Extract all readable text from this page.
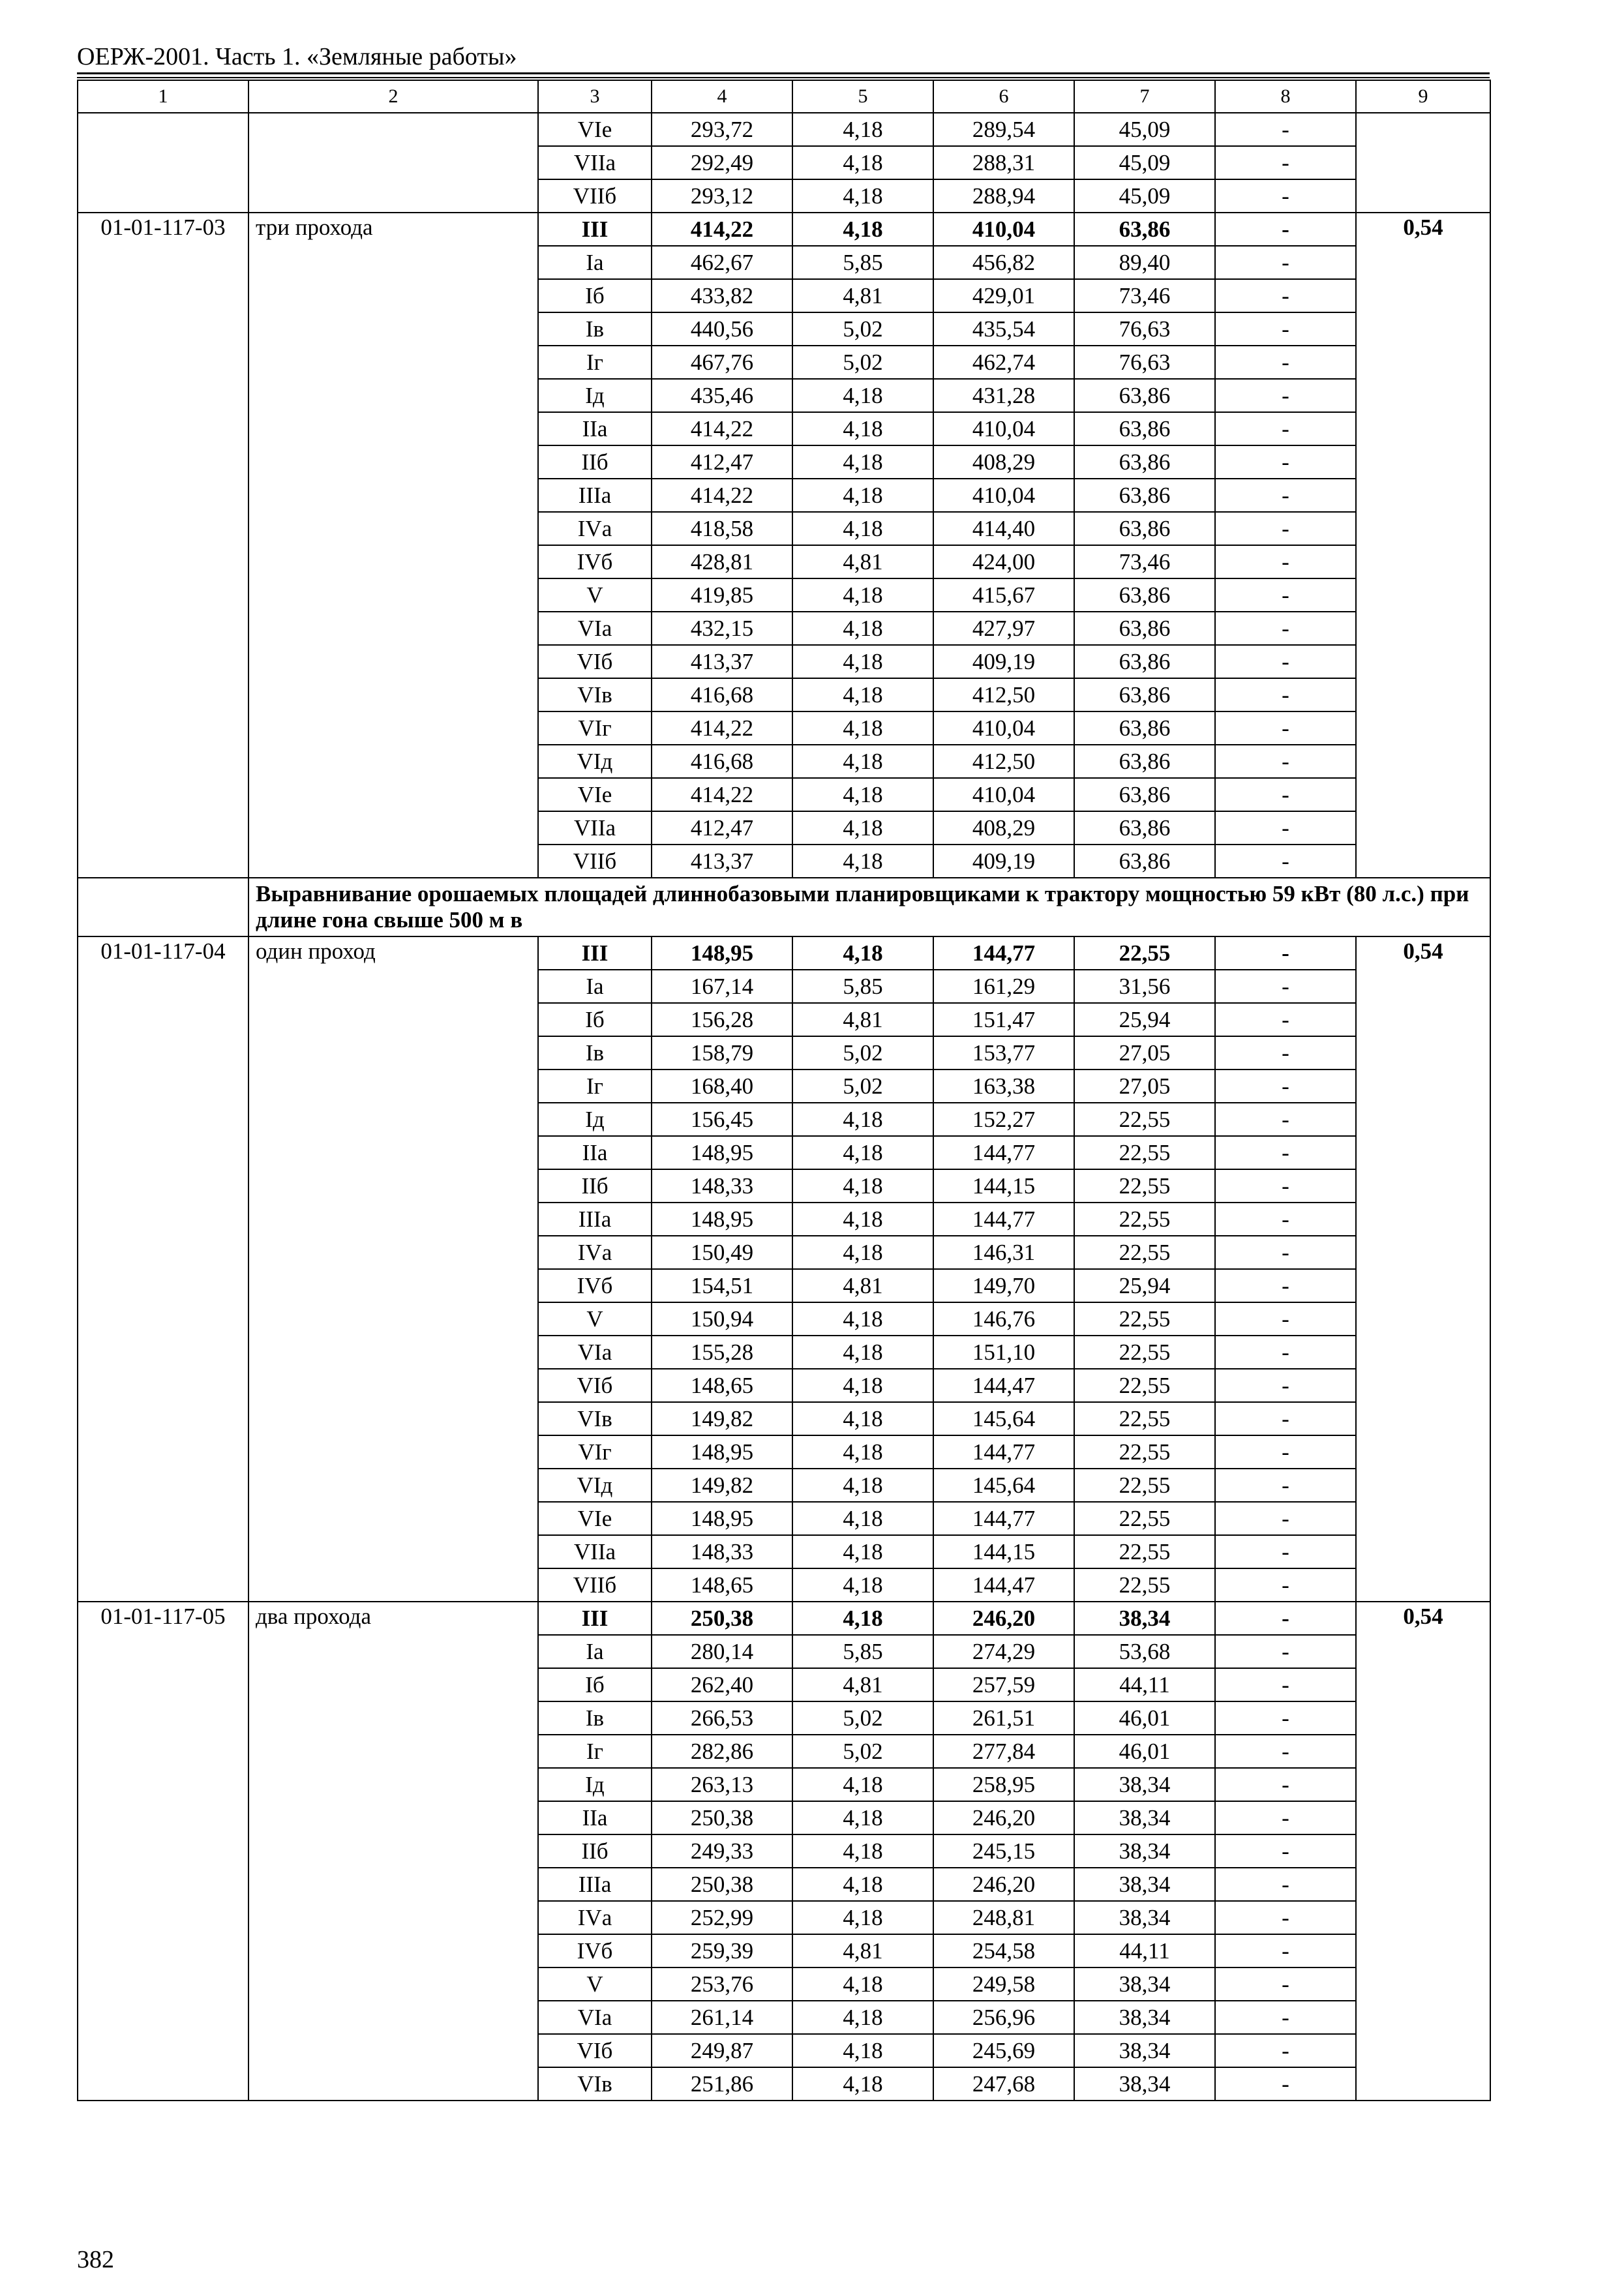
ОЕРЖ-2001. Часть 1. «Земляные работы»
1	2	3	4	5	6	7	8	9
		VIе	293,72	4,18	289,54	45,09	-	
		VIIа	292,49	4,18	288,31	45,09	-	
		VIIб	293,12	4,18	288,94	45,09	-	
01-01-117-03	три прохода	III	414,22	4,18	410,04	63,86	-	0,54
		Iа	462,67	5,85	456,82	89,40	-	
		Iб	433,82	4,81	429,01	73,46	-	
		Iв	440,56	5,02	435,54	76,63	-	
		Iг	467,76	5,02	462,74	76,63	-	
		Iд	435,46	4,18	431,28	63,86	-	
		IIа	414,22	4,18	410,04	63,86	-	
		IIб	412,47	4,18	408,29	63,86	-	
		IIIа	414,22	4,18	410,04	63,86	-	
		IVа	418,58	4,18	414,40	63,86	-	
		IVб	428,81	4,81	424,00	73,46	-	
		V	419,85	4,18	415,67	63,86	-	
		VIа	432,15	4,18	427,97	63,86	-	
		VIб	413,37	4,18	409,19	63,86	-	
		VIв	416,68	4,18	412,50	63,86	-	
		VIг	414,22	4,18	410,04	63,86	-	
		VIд	416,68	4,18	412,50	63,86	-	
		VIе	414,22	4,18	410,04	63,86	-	
		VIIа	412,47	4,18	408,29	63,86	-	
		VIIб	413,37	4,18	409,19	63,86	-	
	Выравнивание орошаемых площадей длиннобазовыми планировщиками к трактору мощностью 59 кВт (80 л.с.) при длине гона свыше 500 м в							
01-01-117-04	один проход	III	148,95	4,18	144,77	22,55	-	0,54
		Iа	167,14	5,85	161,29	31,56	-	
		Iб	156,28	4,81	151,47	25,94	-	
		Iв	158,79	5,02	153,77	27,05	-	
		Iг	168,40	5,02	163,38	27,05	-	
		Iд	156,45	4,18	152,27	22,55	-	
		IIа	148,95	4,18	144,77	22,55	-	
		IIб	148,33	4,18	144,15	22,55	-	
		IIIа	148,95	4,18	144,77	22,55	-	
		IVа	150,49	4,18	146,31	22,55	-	
		IVб	154,51	4,81	149,70	25,94	-	
		V	150,94	4,18	146,76	22,55	-	
		VIа	155,28	4,18	151,10	22,55	-	
		VIб	148,65	4,18	144,47	22,55	-	
		VIв	149,82	4,18	145,64	22,55	-	
		VIг	148,95	4,18	144,77	22,55	-	
		VIд	149,82	4,18	145,64	22,55	-	
		VIе	148,95	4,18	144,77	22,55	-	
		VIIа	148,33	4,18	144,15	22,55	-	
		VIIб	148,65	4,18	144,47	22,55	-	
01-01-117-05	два прохода	III	250,38	4,18	246,20	38,34	-	0,54
		Iа	280,14	5,85	274,29	53,68	-	
		Iб	262,40	4,81	257,59	44,11	-	
		Iв	266,53	5,02	261,51	46,01	-	
		Iг	282,86	5,02	277,84	46,01	-	
		Iд	263,13	4,18	258,95	38,34	-	
		IIа	250,38	4,18	246,20	38,34	-	
		IIб	249,33	4,18	245,15	38,34	-	
		IIIа	250,38	4,18	246,20	38,34	-	
		IVа	252,99	4,18	248,81	38,34	-	
		IVб	259,39	4,81	254,58	44,11	-	
		V	253,76	4,18	249,58	38,34	-	
		VIа	261,14	4,18	256,96	38,34	-	
		VIб	249,87	4,18	245,69	38,34	-	
		VIв	251,86	4,18	247,68	38,34	-	
382
